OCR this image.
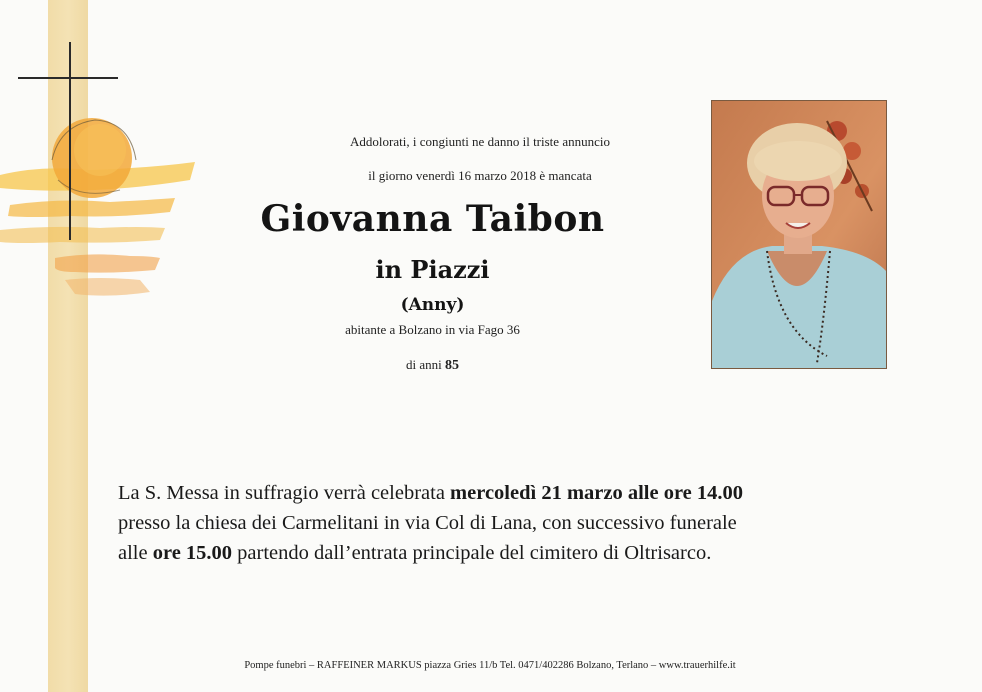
Addolorati, i congiunti ne danno il triste annuncio
il giorno venerdì 16 marzo 2018 è mancata
Giovanna Taibon
in Piazzi
(Anny)
abitante a Bolzano in via Fago 36
di anni 85

La S. Messa in suffragio verrà celebrata mercoledì 21 marzo alle ore 14.00

presso la chiesa dei Carmelitani in via Col di Lana, con successivo funerale

alle ore 15.00 partendo dall’entrata principale del cimitero di Oltrisarco.

Pompe funebri – RAFFEINER MARKUS piazza Gries 11/b Tel. 0471/402286 Bolzano, Terlano – www.trauerhilfe.it
